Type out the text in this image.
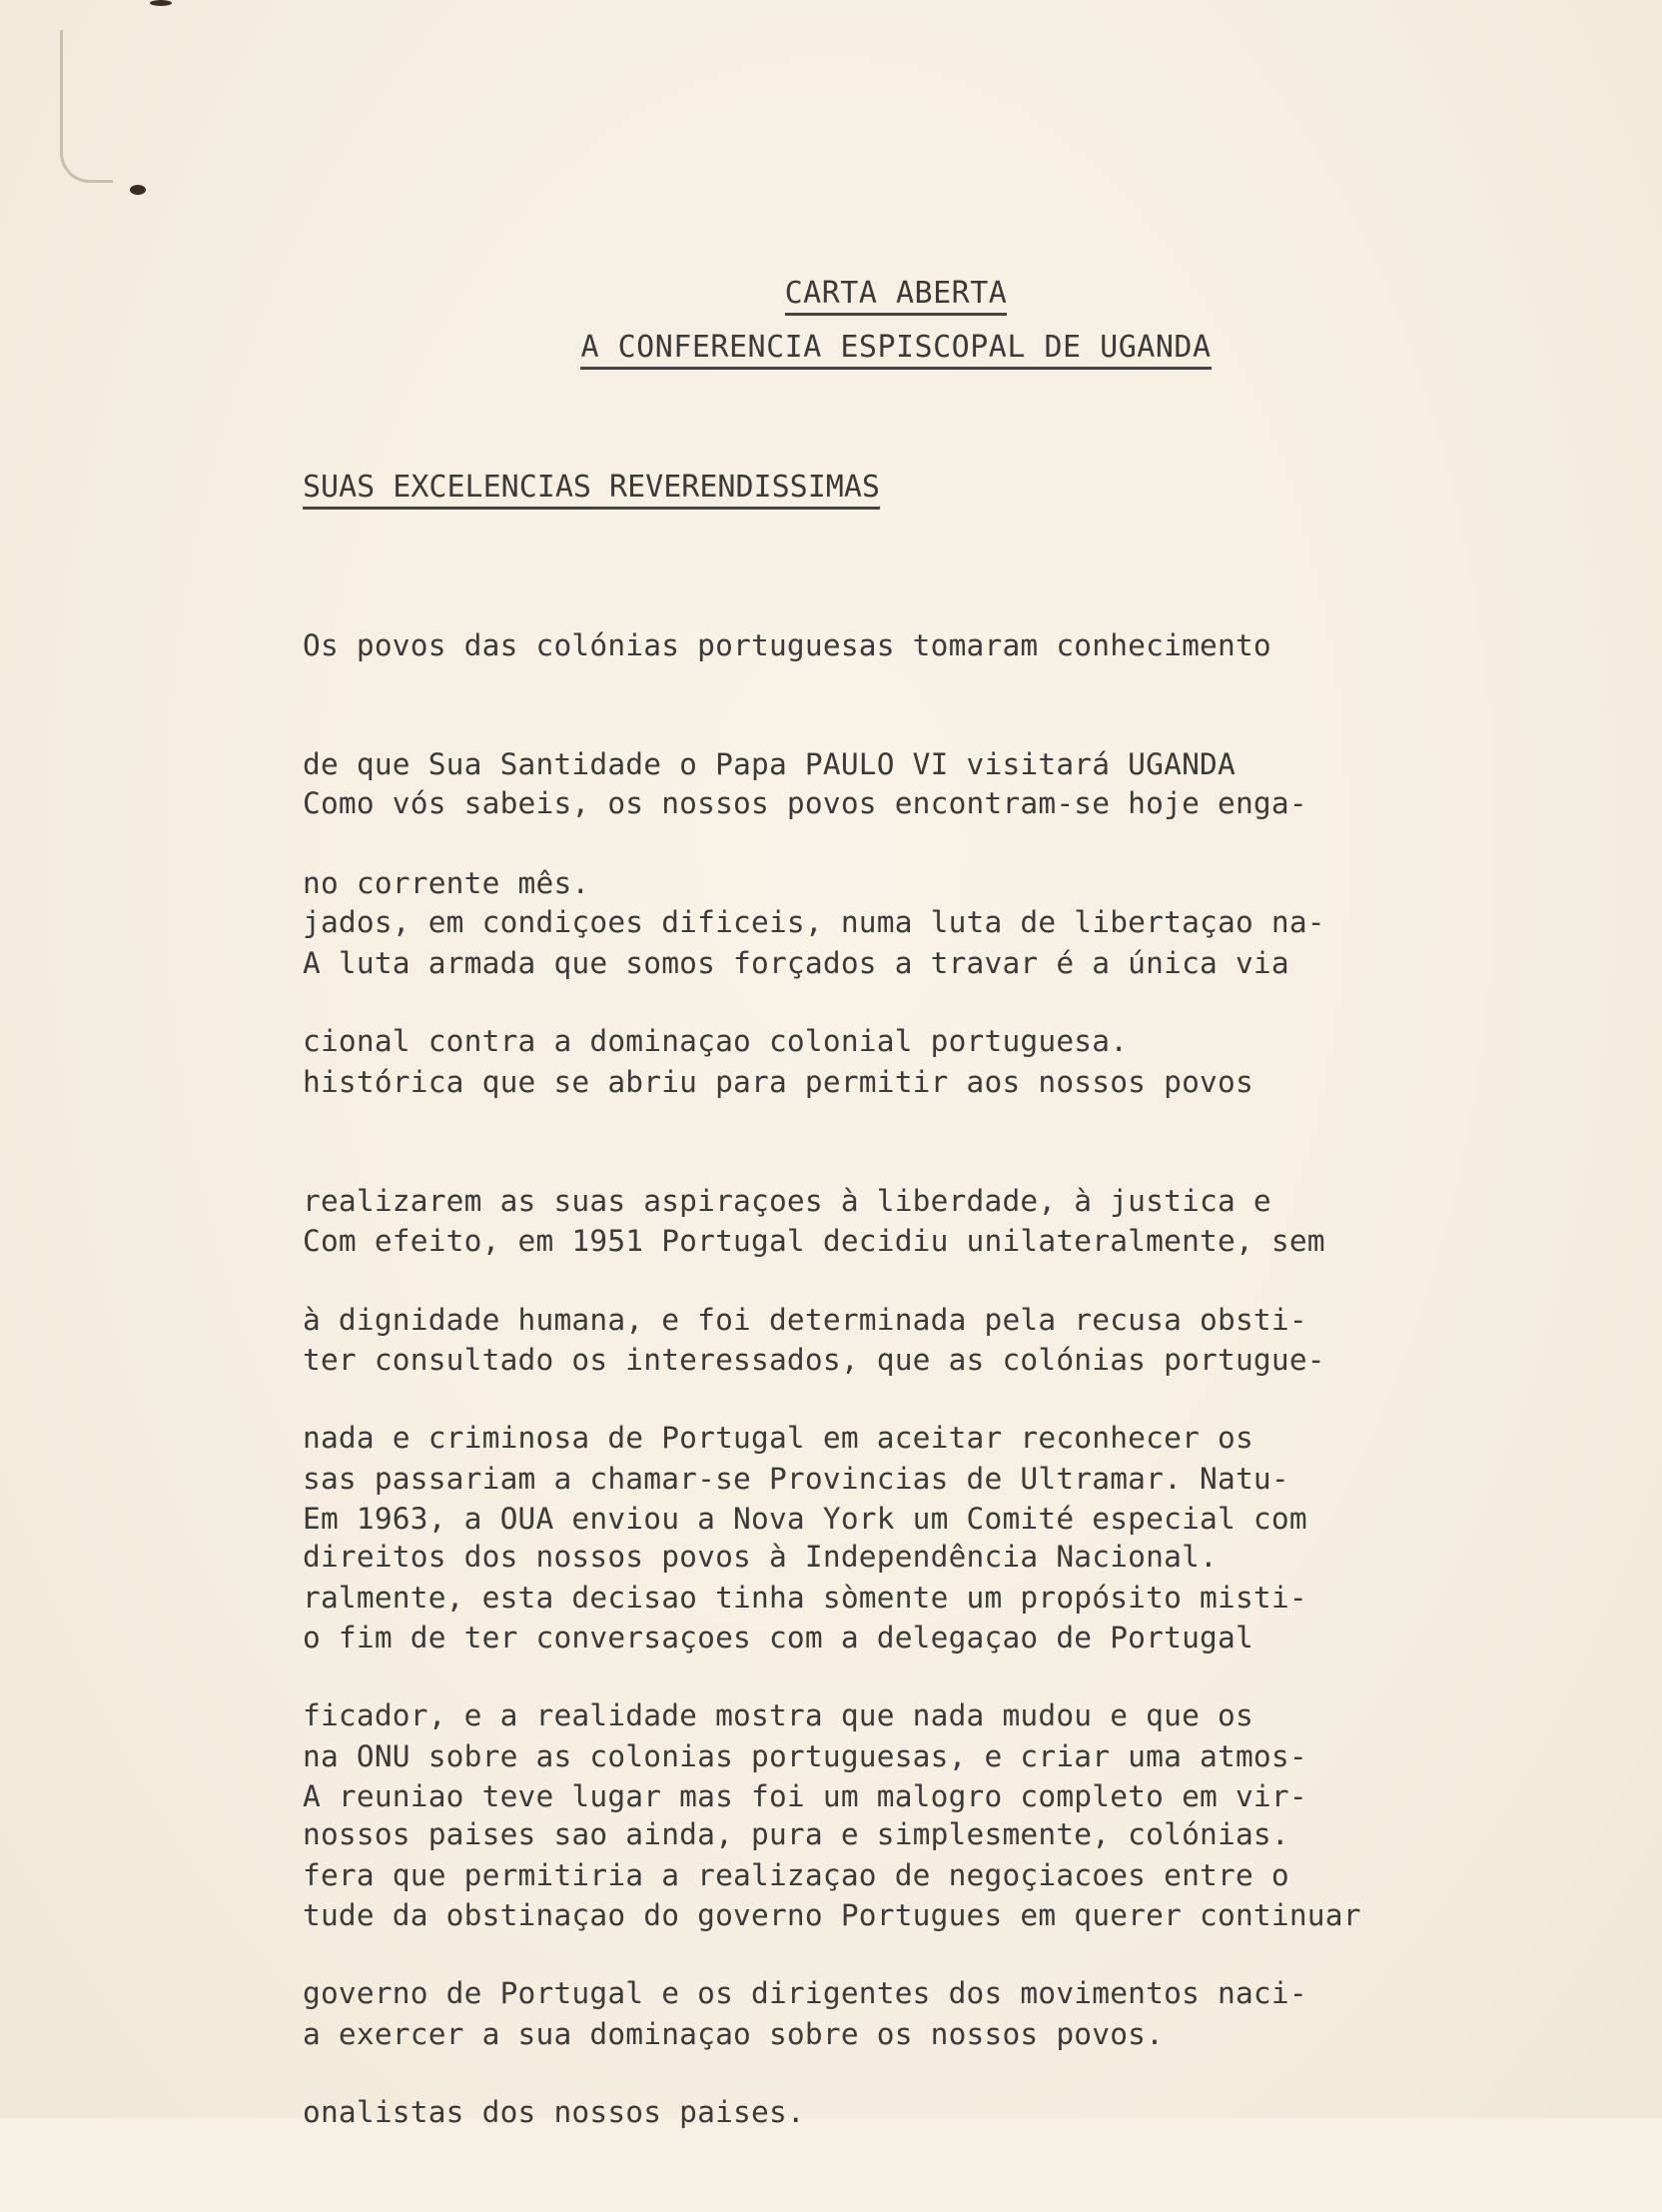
CARTA ABERTA
A CONFERENCIA ESPISCOPAL DE UGANDA
SUAS EXCELENCIAS REVERENDISSIMAS

Os povos das colónias portuguesas tomaram conhecimento

de que Sua Santidade o Papa PAULO VI visitará UGANDA

no corrente mês.

Como vós sabeis, os nossos povos encontram-se hoje enga-

jados, em condiçoes dificeis, numa luta de libertaçao na-

cional contra a dominaçao colonial portuguesa.

A luta armada que somos forçados a travar é a única via

histórica que se abriu para permitir aos nossos povos

realizarem as suas aspiraçoes à liberdade, à justica e

à dignidade humana, e foi determinada pela recusa obsti-

nada e criminosa de Portugal em aceitar reconhecer os

direitos dos nossos povos à Independência Nacional.

Com efeito, em 1951 Portugal decidiu unilateralmente, sem

ter consultado os interessados, que as colónias portugue-

sas passariam a chamar-se Provincias de Ultramar. Natu-

ralmente, esta decisao tinha sòmente um propósito misti-

ficador, e a realidade mostra que nada mudou e que os

nossos paises sao ainda, pura e simplesmente, colónias.

Em 1963, a OUA enviou a Nova York um Comité especial com

o fim de ter conversaçoes com a delegaçao de Portugal

na ONU sobre as colonias portuguesas, e criar uma atmos-

fera que permitiria a realizaçao de negoçiacoes entre o

governo de Portugal e os dirigentes dos movimentos naci-

onalistas dos nossos paises.

A reuniao teve lugar mas foi um malogro completo em vir-

tude da obstinaçao do governo Portugues em querer continuar

a exercer a sua dominaçao sobre os nossos povos.
